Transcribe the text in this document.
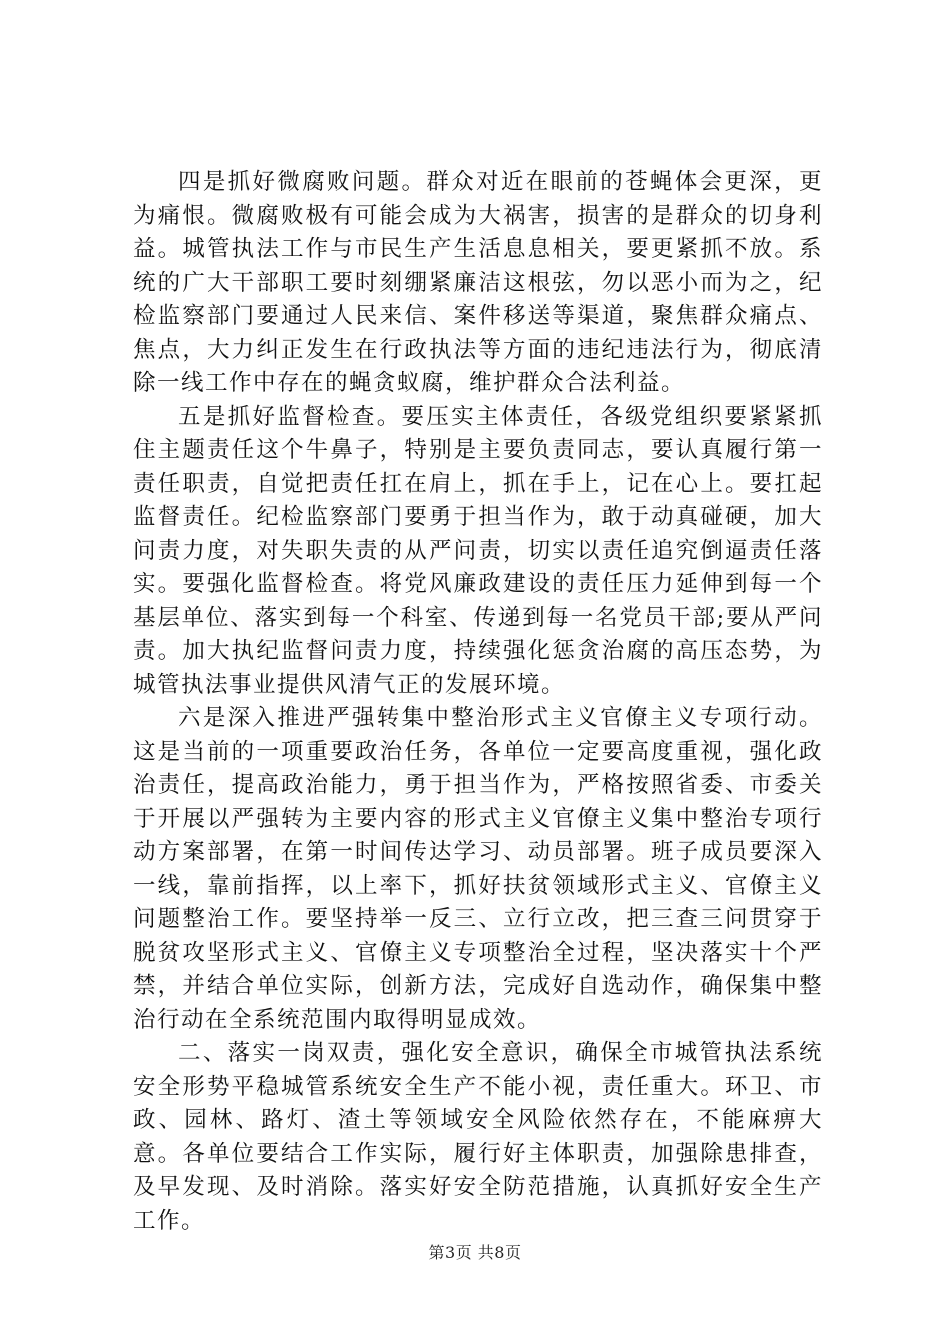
四是抓好微腐败问题。群众对近在眼前的苍蝇体会更深，更为痛恨。微腐败极有可能会成为大祸害，损害的是群众的切身利益。城管执法工作与市民生产生活息息相关，要更紧抓不放。系统的广大干部职工要时刻绷紧廉洁这根弦，勿以恶小而为之，纪检监察部门要通过人民来信、案件移送等渠道，聚焦群众痛点、焦点，大力纠正发生在行政执法等方面的违纪违法行为，彻底清除一线工作中存在的蝇贪蚁腐，维护群众合法利益。

五是抓好监督检查。要压实主体责任，各级党组织要紧紧抓住主题责任这个牛鼻子，特别是主要负责同志，要认真履行第一责任职责，自觉把责任扛在肩上，抓在手上，记在心上。要扛起监督责任。纪检监察部门要勇于担当作为，敢于动真碰硬，加大问责力度，对失职失责的从严问责，切实以责任追究倒逼责任落实。要强化监督检查。将党风廉政建设的责任压力延伸到每一个基层单位、落实到每一个科室、传递到每一名党员干部;要从严问责。加大执纪监督问责力度，持续强化惩贪治腐的高压态势，为城管执法事业提供风清气正的发展环境。

六是深入推进严强转集中整治形式主义官僚主义专项行动。这是当前的一项重要政治任务，各单位一定要高度重视，强化政治责任，提高政治能力，勇于担当作为，严格按照省委、市委关于开展以严强转为主要内容的形式主义官僚主义集中整治专项行动方案部署，在第一时间传达学习、动员部署。班子成员要深入一线，靠前指挥，以上率下，抓好扶贫领域形式主义、官僚主义问题整治工作。要坚持举一反三、立行立改，把三查三问贯穿于脱贫攻坚形式主义、官僚主义专项整治全过程，坚决落实十个严禁，并结合单位实际，创新方法，完成好自选动作，确保集中整治行动在全系统范围内取得明显成效。

二、落实一岗双责，强化安全意识，确保全市城管执法系统安全形势平稳城管系统安全生产不能小视，责任重大。环卫、市政、园林、路灯、渣土等领域安全风险依然存在，不能麻痹大意。各单位要结合工作实际，履行好主体职责，加强除患排查，及早发现、及时消除。落实好安全防范措施，认真抓好安全生产工作。

第3页 共8页
